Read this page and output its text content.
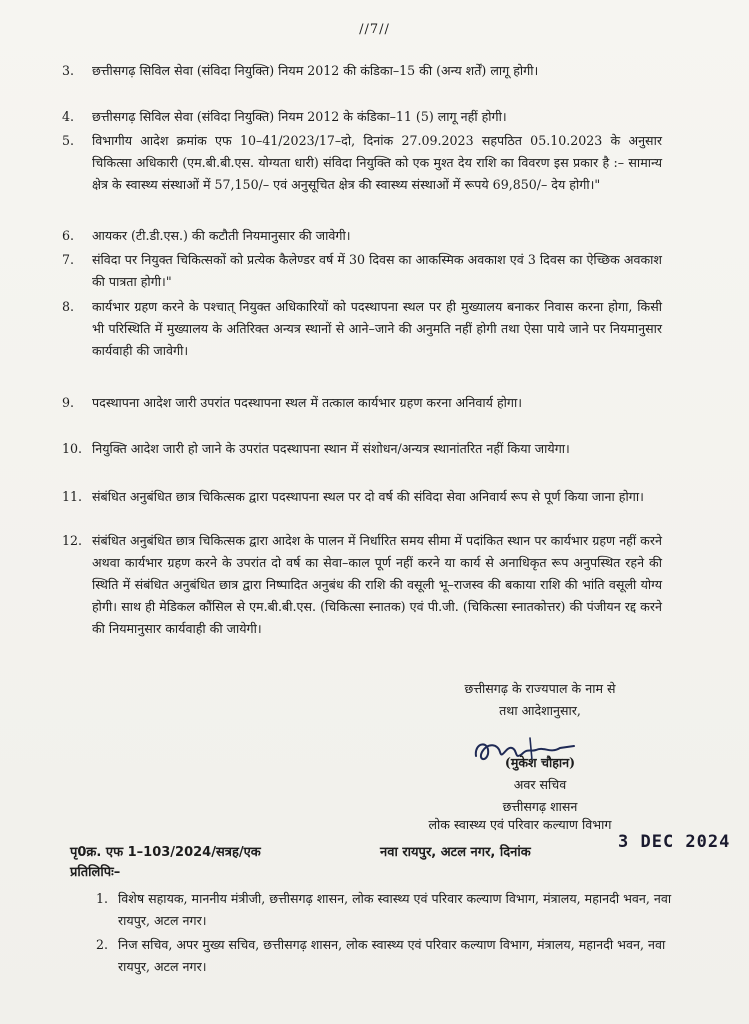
//7//
3.	छत्तीसगढ़ सिविल सेवा (संविदा नियुक्ति) नियम 2012 की कंडिका–15 की (अन्य शर्तें) लागू होगी।
4.	छत्तीसगढ़ सिविल सेवा (संविदा नियुक्ति) नियम 2012 के कंडिका–11 (5) लागू नहीं होगी।
5.	विभागीय आदेश क्रमांक एफ 10–41/2023/17–दो, दिनांक 27.09.2023 सहपठित 05.10.2023 के अनुसार चिकित्सा अधिकारी (एम.बी.बी.एस. योग्यता धारी) संविदा नियुक्ति को एक मुश्त देय राशि का विवरण इस प्रकार है :– सामान्य क्षेत्र के स्वास्थ्य संस्थाओं में 57,150/– एवं अनुसूचित क्षेत्र की स्वास्थ्य संस्थाओं में रूपये 69,850/– देय होगी।"
6.	आयकर (टी.डी.एस.) की कटौती नियमानुसार की जावेगी।
7.	संविदा पर नियुक्त चिकित्सकों को प्रत्येक कैलेण्डर वर्ष में 30 दिवस का आकस्मिक अवकाश एवं 3 दिवस का ऐच्छिक अवकाश की पात्रता होगी।"
8.	कार्यभार ग्रहण करने के पश्चात् नियुक्त अधिकारियों को पदस्थापना स्थल पर ही मुख्यालय बनाकर निवास करना होगा, किसी भी परिस्थिति में मुख्यालय के अतिरिक्त अन्यत्र स्थानों से आने–जाने की अनुमति नहीं होगी तथा ऐसा पाये जाने पर नियमानुसार कार्यवाही की जावेगी।
9.	पदस्थापना आदेश जारी उपरांत पदस्थापना स्थल में तत्काल कार्यभार ग्रहण करना अनिवार्य होगा।
10. नियुक्ति आदेश जारी हो जाने के उपरांत पदस्थापना स्थान में संशोधन/अन्यत्र स्थानांतरित नहीं किया जायेगा।
11. संबंधित अनुबंधित छात्र चिकित्सक द्वारा पदस्थापना स्थल पर दो वर्ष की संविदा सेवा अनिवार्य रूप से पूर्ण किया जाना होगा।
12. संबंधित अनुबंधित छात्र चिकित्सक द्वारा आदेश के पालन में निर्धारित समय सीमा में पदांकित स्थान पर कार्यभार ग्रहण नहीं करने अथवा कार्यभार ग्रहण करने के उपरांत दो वर्ष का सेवा–काल पूर्ण नहीं करने या कार्य से अनाधिकृत रूप अनुपस्थित रहने की स्थिति में संबंधित अनुबंधित छात्र द्वारा निष्पादित अनुबंध की राशि की वसूली भू–राजस्व की बकाया राशि की भांति वसूली योग्य होगी। साथ ही मेडिकल कौंसिल से एम.बी.बी.एस. (चिकित्सा स्नातक) एवं पी.जी. (चिकित्सा स्नातकोत्तर) की पंजीयन रद्द करने की नियमानुसार कार्यवाही की जायेगी।
छत्तीसगढ़ के राज्यपाल के नाम से
तथा आदेशानुसार,
(मुकेश चौहान)
अवर सचिव
छत्तीसगढ़ शासन
लोक स्वास्थ्य एवं परिवार कल्याण विभाग
पृ0क्र. एफ 1–103/2024/सत्रह/एक	नवा रायपुर, अटल नगर, दिनांक
3 DEC 2024
प्रतिलिपिः–
1. विशेष सहायक, माननीय मंत्रीजी, छत्तीसगढ़ शासन, लोक स्वास्थ्य एवं परिवार कल्याण विभाग, मंत्रालय, महानदी भवन, नवा रायपुर, अटल नगर।
2. निज सचिव, अपर मुख्य सचिव, छत्तीसगढ़ शासन, लोक स्वास्थ्य एवं परिवार कल्याण विभाग, मंत्रालय, महानदी भवन, नवा रायपुर, अटल नगर।
